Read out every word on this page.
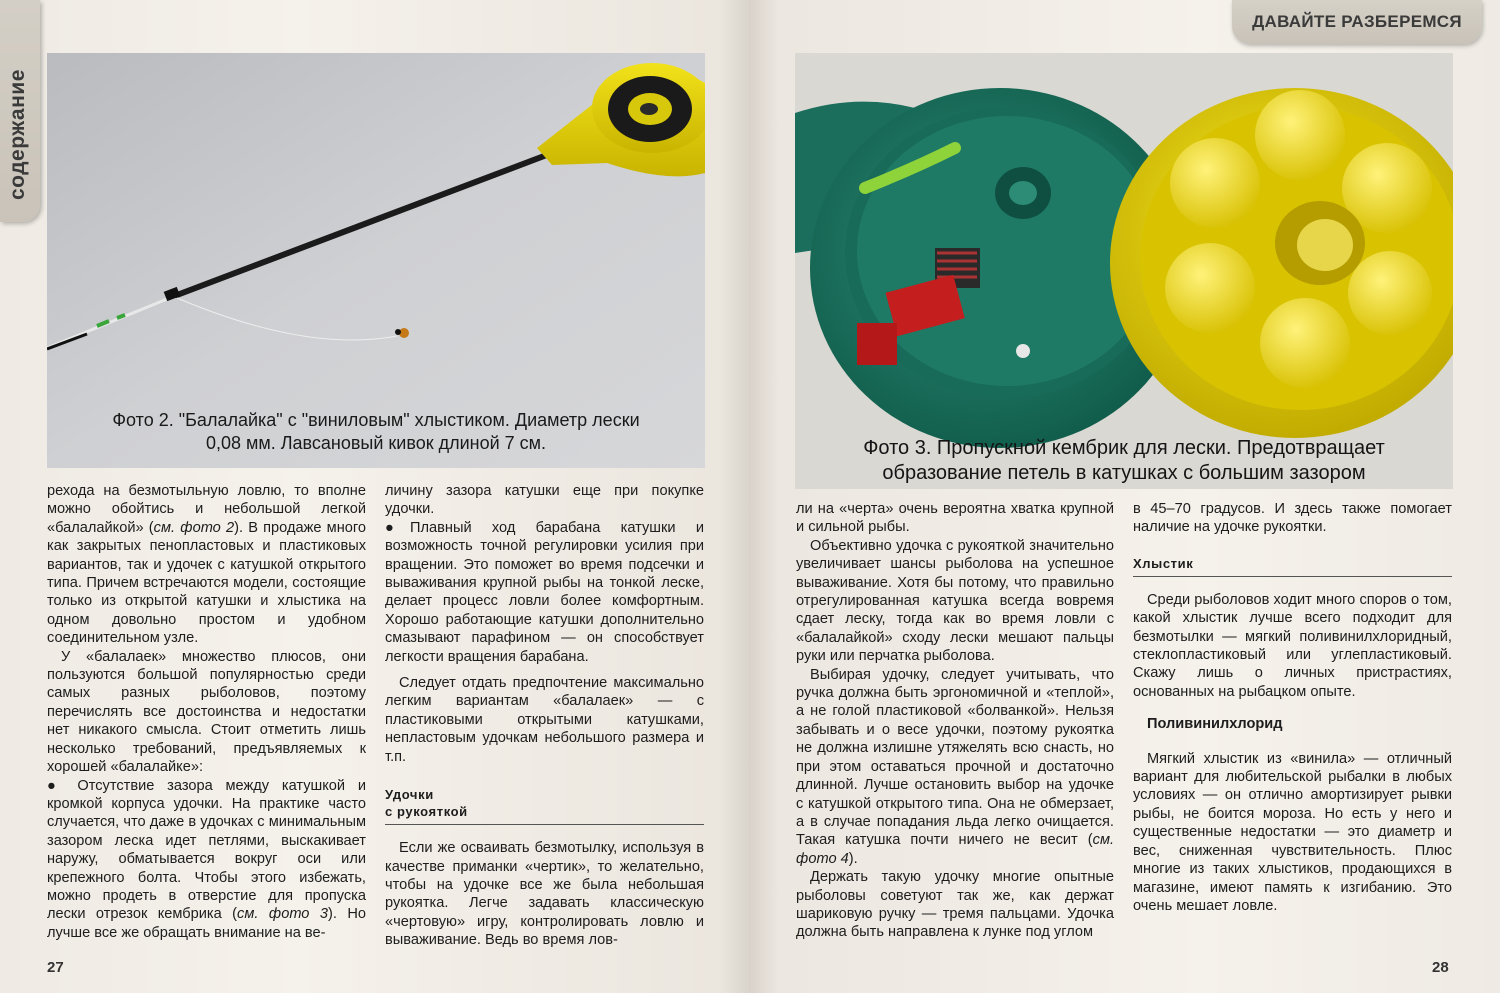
содержание
Фото 2. "Балалайка" с "виниловым" хлыстиком. Диаметр лески
0,08 мм. Лавсановый кивок длиной 7 см.

рехода на безмотыльную ловлю, то вполне можно обойтись и небольшой легкой «балалайкой» (см. фото 2). В продаже много как закрытых пенопластовых и пластиковых вариантов, так и удочек с катушкой открытого типа. Причем встречаются модели, состоящие только из открытой катушки и хлыстика на одном довольно простом и удобном соединительном узле.

У «балалаек» множество плюсов, они пользуются большой популярностью среди самых разных рыболовов, поэтому перечислять все достоинства и недостатки нет никакого смысла. Стоит отметить лишь несколько требований, предъявляемых к хорошей «балалайке»:

● Отсутствие зазора между катушкой и кромкой корпуса удочки. На практике часто случается, что даже в удочках с минимальным зазором леска идет петлями, выскакивает наружу, обматывается вокруг оси или крепежного болта. Чтобы этого избежать, можно продеть в отверстие для пропуска лески отрезок кембрика (см. фото 3). Но лучше все же обращать внимание на ве-

личину зазора катушки еще при покупке удочки.

●Плавный ход барабана катушки и возможность точной регулировки усилия при вращении. Это поможет во время подсечки и вываживания крупной рыбы на тонкой леске, делает процесс ловли более комфортным. Хорошо работающие катушки дополнительно смазывают парафином — он способствует легкости вращения барабана.

Следует отдать предпочтение максимально легким вариантам «балалаек» — с пластиковыми открытыми катушками, непластовым удочкам небольшого размера и т.п.

Удочки
с рукояткой

Если же осваивать безмотылку, используя в качестве приманки «чертик», то желательно, чтобы на удочке все же была небольшая рукоятка. Легче задавать классическую «чертовую» игру, контролировать ловлю и вываживание. Ведь во время лов-

27
ДАВАЙТЕ РАЗБЕРЕМСЯ
Фото 3. Пропускной кембрик для лески. Предотвращает
образование петель в катушках с большим зазором

ли на «черта» очень вероятна хватка крупной и сильной рыбы.

Объективно удочка с рукояткой значительно увеличивает шансы рыболова на успешное вываживание. Хотя бы потому, что правильно отрегулированная катушка всегда вовремя сдает леску, тогда как во время ловли с «балалайкой» сходу лески мешают пальцы руки или перчатка рыболова.

Выбирая удочку, следует учитывать, что ручка должна быть эргономичной и «теплой», а не голой пластиковой «болванкой». Нельзя забывать и о весе удочки, поэтому рукоятка не должна излишне утяжелять всю снасть, но при этом оставаться прочной и достаточно длинной. Лучше остановить выбор на удочке с катушкой открытого типа. Она не обмерзает, а в случае попадания льда легко очищается. Такая катушка почти ничего не весит (см. фото 4).

Держать такую удочку многие опытные рыболовы советуют так же, как держат шариковую ручку — тремя пальцами. Удочка должна быть направлена к лунке под углом

в 45–70 градусов. И здесь также помогает наличие на удочке рукоятки.

Хлыстик

Среди рыболовов ходит много споров о том, какой хлыстик лучше всего подходит для безмотылки — мягкий поливинилхлоридный, стеклопластиковый или углепластиковый. Скажу лишь о личных пристрастиях, основанных на рыбацком опыте.

Поливинилхлорид

Мягкий хлыстик из «винила» — отличный вариант для любительской рыбалки в любых условиях — он отлично амортизирует рывки рыбы, не боится мороза. Но есть у него и существенные недостатки — это диаметр и вес, сниженная чувствительность. Плюс многие из таких хлыстиков, продающихся в магазине, имеют память к изгибанию. Это очень мешает ловле.

28
